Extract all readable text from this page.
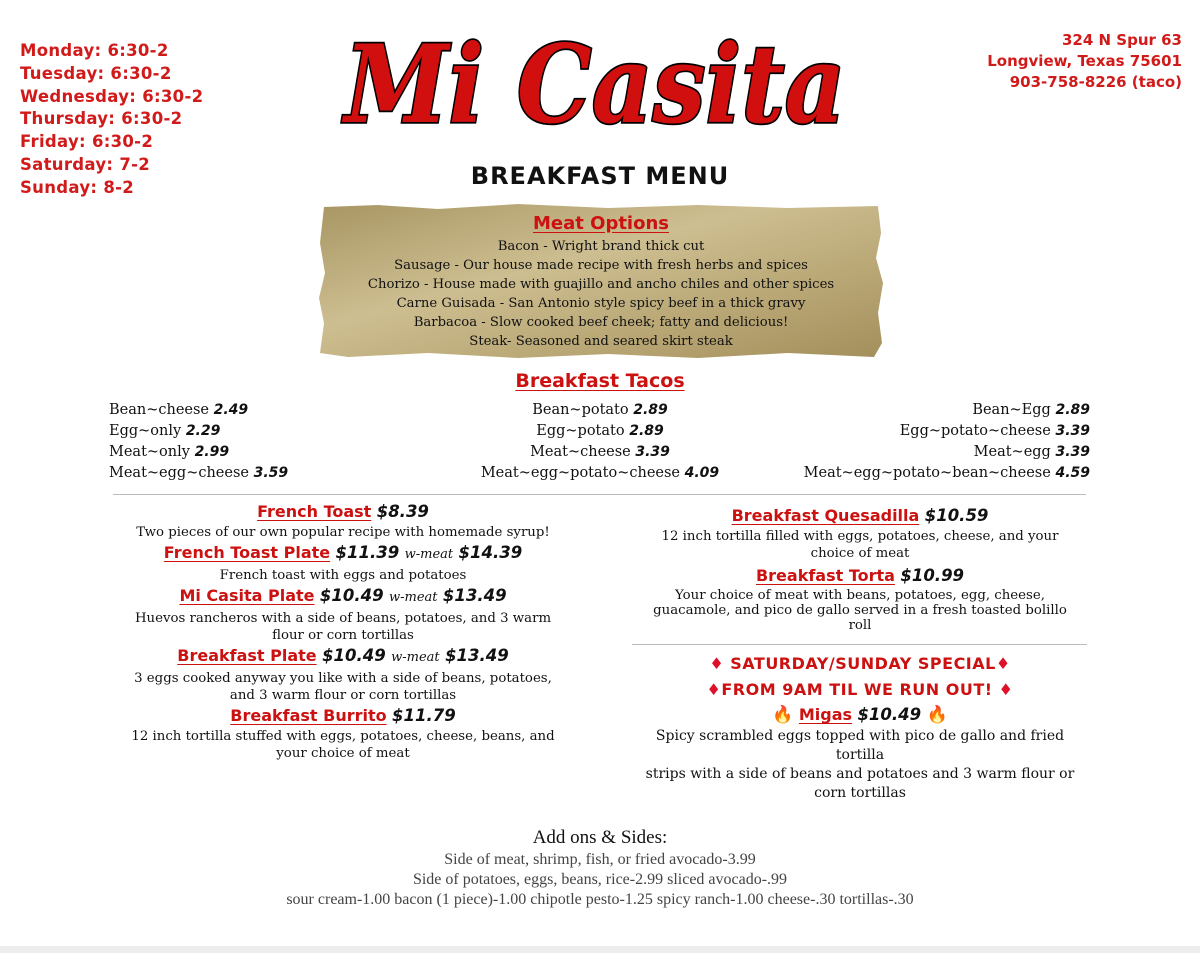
Monday: 6:30-2
Tuesday: 6:30-2
Wednesday: 6:30-2
Thursday: 6:30-2
Friday: 6:30-2
Saturday: 7-2
Sunday: 8-2
324 N Spur 63
Longview, Texas 75601
903-758-8226 (taco)
Mi Casita
BREAKFAST MENU
Meat Options
Bacon - Wright brand thick cut
Sausage - Our house made recipe with fresh herbs and spices
Chorizo - House made with guajillo and ancho chiles and other spices
Carne Guisada - San Antonio style spicy beef in a thick gravy
Barbacoa - Slow cooked beef cheek; fatty and delicious!
Steak- Seasoned and seared skirt steak
Breakfast Tacos
Bean~cheese 2.49
Egg~only 2.29
Meat~only 2.99
Meat~egg~cheese 3.59
Bean~potato 2.89
Egg~potato 2.89
Meat~cheese 3.39
Meat~egg~potato~cheese 4.09
Bean~Egg 2.89
Egg~potato~cheese 3.39
Meat~egg 3.39
Meat~egg~potato~bean~cheese 4.59
French Toast $8.39
Two pieces of our own popular recipe with homemade syrup!
French Toast Plate $11.39 w-meat $14.39
French toast with eggs and potatoes
Mi Casita Plate $10.49 w-meat $13.49
Huevos rancheros with a side of beans, potatoes, and 3 warm
flour or corn tortillas
Breakfast Plate $10.49 w-meat $13.49
3 eggs cooked anyway you like with a side of beans, potatoes,
and 3 warm flour or corn tortillas
Breakfast Burrito $11.79
12 inch tortilla stuffed with eggs, potatoes, cheese, beans, and
your choice of meat
Breakfast Quesadilla $10.59
12 inch tortilla filled with eggs, potatoes, cheese, and your
choice of meat
Breakfast Torta $10.99
Your choice of meat with beans, potatoes, egg, cheese,
guacamole, and pico de gallo served in a fresh toasted bolillo
roll
♦ SATURDAY/SUNDAY SPECIAL♦
♦FROM 9AM TIL WE RUN OUT! ♦
🔥 Migas $10.49 🔥
Spicy scrambled eggs topped with pico de gallo and fried tortilla
strips with a side of beans and potatoes and 3 warm flour or
corn tortillas
Add ons & Sides:
Side of meat, shrimp, fish, or fried avocado-3.99
Side of potatoes, eggs, beans, rice-2.99 sliced avocado-.99
sour cream-1.00 bacon (1 piece)-1.00 chipotle pesto-1.25 spicy ranch-1.00 cheese-.30 tortillas-.30
